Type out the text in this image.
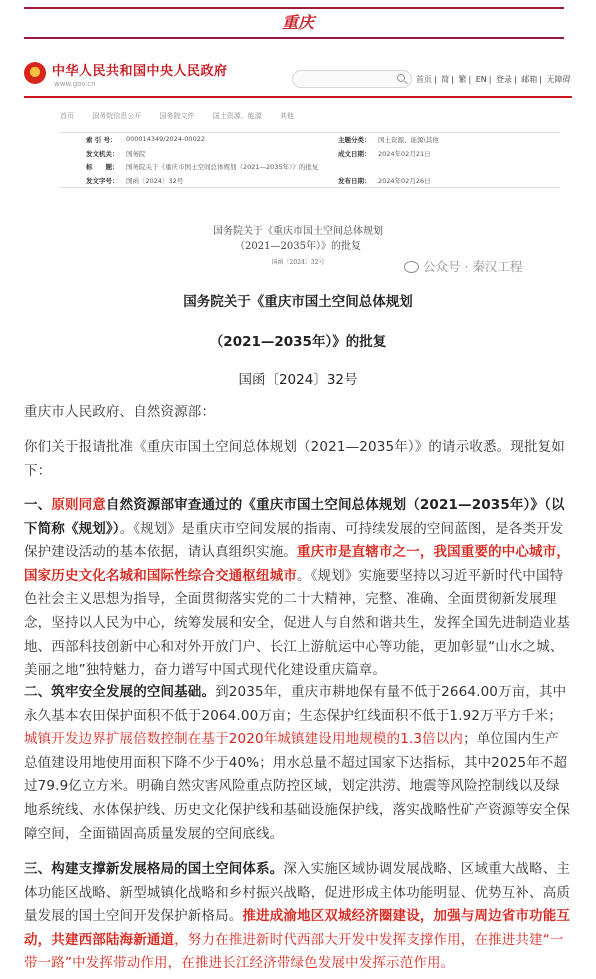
重庆
中华人民共和国中央人民政府
www.gov.cn	首页 | 简 | 繁 | EN | 登录 | 邮箱 | 无障碍
首页	国务院信息公开	国务院文件	国土资源、能源	其他
索 引 号： 000014349/2024-00022	主题分类： 国土资源、能源\其他
发文机关： 国务院	成文日期： 2024年02月21日
标　　题： 国务院关于《重庆市国土空间总体规划（2021—2035年）》的批复
发文字号： 国函〔2024〕32号	发布日期： 2024年02月26日
国务院关于《重庆市国土空间总体规划
（2021—2035年）》的批复
国函〔2024〕32号	公众号 · 秦汉工程
国务院关于《重庆市国土空间总体规划
（2021—2035年）》的批复
国函〔2024〕32号
重庆市人民政府、自然资源部：
你们关于报请批准《重庆市国土空间总体规划（2021—2035年）》的请示收悉。现批复如下：
一、原则同意自然资源部审查通过的《重庆市国土空间总体规划（2021—2035年）》（以下简称《规划》）。《规划》是重庆市空间发展的指南、可持续发展的空间蓝图，是各类开发保护建设活动的基本依据，请认真组织实施。重庆市是直辖市之一，我国重要的中心城市，国家历史文化名城和国际性综合交通枢纽城市。《规划》实施要坚持以习近平新时代中国特色社会主义思想为指导，全面贯彻落实党的二十大精神，完整、准确、全面贯彻新发展理念，坚持以人民为中心，统筹发展和安全，促进人与自然和谐共生，发挥全国先进制造业基地、西部科技创新中心和对外开放门户、长江上游航运中心等功能，更加彰显“山水之城、美丽之地”独特魅力，奋力谱写中国式现代化建设重庆篇章。
二、筑牢安全发展的空间基础。到2035年，重庆市耕地保有量不低于2664.00万亩，其中永久基本农田保护面积不低于2064.00万亩；生态保护红线面积不低于1.92万平方千米；城镇开发边界扩展倍数控制在基于2020年城镇建设用地规模的1.3倍以内；单位国内生产总值建设用地使用面积下降不少于40%；用水总量不超过国家下达指标，其中2025年不超过79.9亿立方米。明确自然灾害风险重点防控区域，划定洪涝、地震等风险控制线以及绿地系统线、水体保护线、历史文化保护线和基础设施保护线，落实战略性矿产资源等安全保障空间，全面锚固高质量发展的空间底线。
三、构建支撑新发展格局的国土空间体系。深入实施区域协调发展战略、区域重大战略、主体功能区战略、新型城镇化战略和乡村振兴战略，促进形成主体功能明显、优势互补、高质量发展的国土空间开发保护新格局。推进成渝地区双城经济圈建设，加强与周边省市功能互动，共建西部陆海新通道，努力在推进新时代西部大开发中发挥支撑作用，在推进共建“一带一路”中发挥带动作用，在推进长江经济带绿色发展中发挥示范作用。
